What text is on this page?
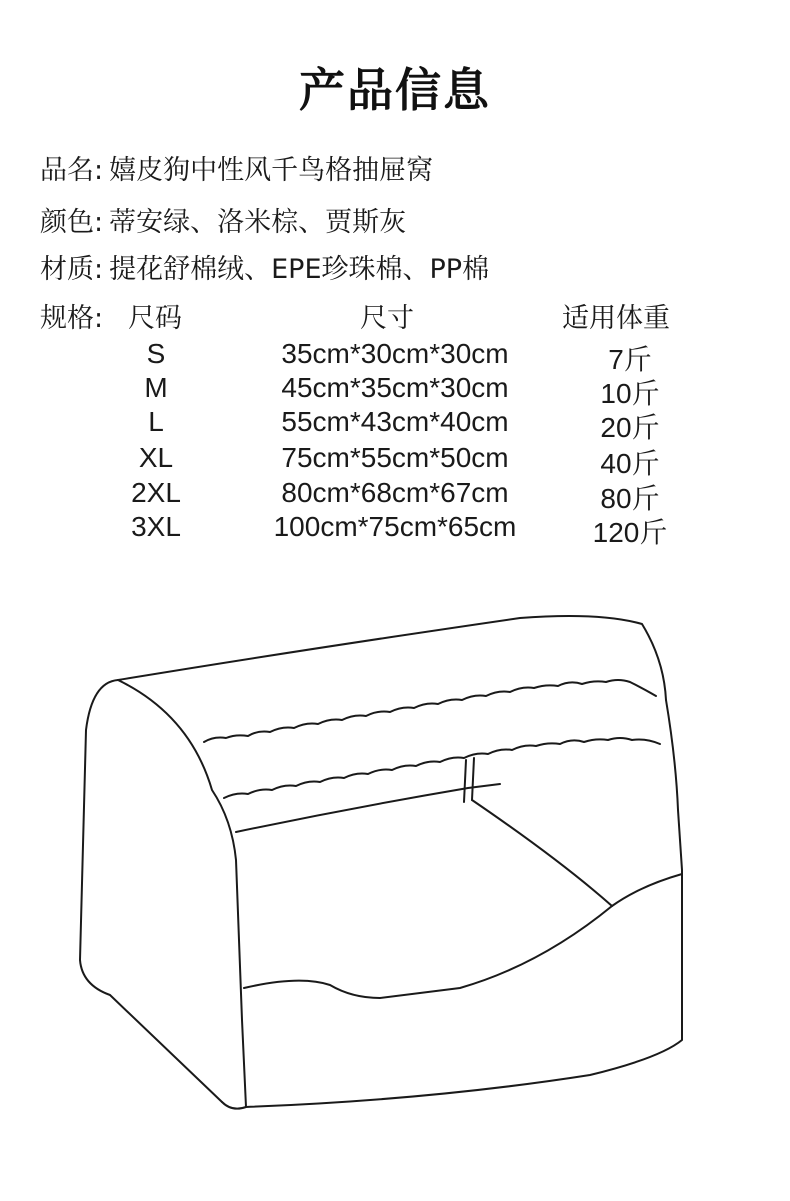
产品信息
品名: 嬉皮狗中性风千鸟格抽屉窝
颜色: 蒂安绿、洛米棕、贾斯灰
材质: 提花舒棉绒、EPE珍珠棉、PP棉
规格: 尺码	尺寸	适用体重
S	35cm*30cm*30cm	7斤
M	45cm*35cm*30cm	10斤
L	55cm*43cm*40cm	20斤
XL	75cm*55cm*50cm	40斤
2XL	80cm*68cm*67cm	80斤
3XL	100cm*75cm*65cm	120斤
